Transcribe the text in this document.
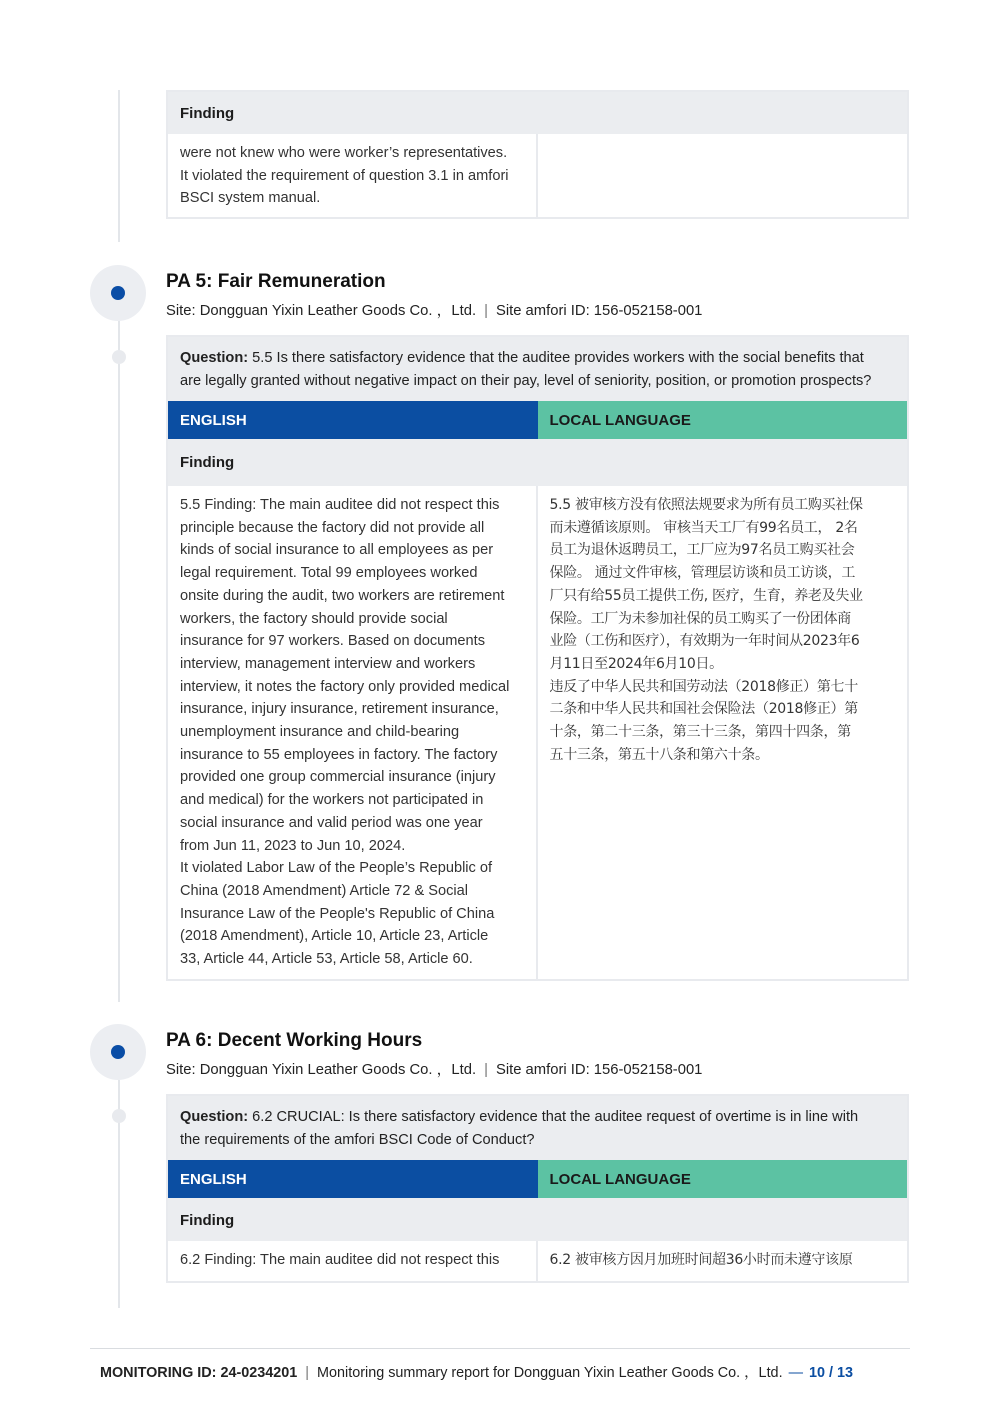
Finding
were not knew who were worker’s representatives.
It violated the requirement of question 3.1 in amfori
BSCI system manual.
PA 5: Fair Remuneration
Site: Dongguan Yixin Leather Goods Co. ，Ltd. | Site amfori ID: 156-052158-001
Question: 5.5 Is there satisfactory evidence that the auditee provides workers with the social benefits that
are legally granted without negative impact on their pay, level of seniority, position, or promotion prospects?
ENGLISH	LOCAL LANGUAGE
Finding
5.5 Finding: The main auditee did not respect this
principle because the factory did not provide all
kinds of social insurance to all employees as per
legal requirement. Total 99 employees worked
onsite during the audit, two workers are retirement
workers, the factory should provide social
insurance for 97 workers. Based on documents
interview, management interview and workers
interview, it notes the factory only provided medical
insurance, injury insurance, retirement insurance,
unemployment insurance and child-bearing
insurance to 55 employees in factory. The factory
provided one group commercial insurance (injury
and medical) for the workers not participated in
social insurance and valid period was one year
from Jun 11, 2023 to Jun 10, 2024.
It violated Labor Law of the People’s Republic of
China (2018 Amendment) Article 72 & Social
Insurance Law of the People's Republic of China
(2018 Amendment), Article 10, Article 23, Article
33, Article 44, Article 53, Article 58, Article 60.
5.5 被审核方没有依照法规要求为所有员工购买社保
而未遵循该原则。 审核当天工厂有99名员工， 2名
员工为退休返聘员工，工厂应为97名员工购买社会
保险。 通过文件审核，管理层访谈和员工访谈，工
厂只有给55员工提供工伤, 医疗，生育，养老及失业
保险。工厂为未参加社保的员工购买了一份团体商
业险（工伤和医疗），有效期为一年时间从2023年6
月11日至2024年6月10日。
违反了中华人民共和国劳动法（2018修正）第七十
二条和中华人民共和国社会保险法（2018修正）第
十条，第二十三条，第三十三条，第四十四条，第
五十三条，第五十八条和第六十条。
PA 6: Decent Working Hours
Site: Dongguan Yixin Leather Goods Co. ，Ltd. | Site amfori ID: 156-052158-001
Question: 6.2 CRUCIAL: Is there satisfactory evidence that the auditee request of overtime is in line with
the requirements of the amfori BSCI Code of Conduct?
ENGLISH	LOCAL LANGUAGE
Finding
6.2 Finding: The main auditee did not respect this	6.2 被审核方因月加班时间超36小时而未遵守该原
MONITORING ID: 24-0234201 | Monitoring summary report for Dongguan Yixin Leather Goods Co. ，Ltd. — 10 / 13
